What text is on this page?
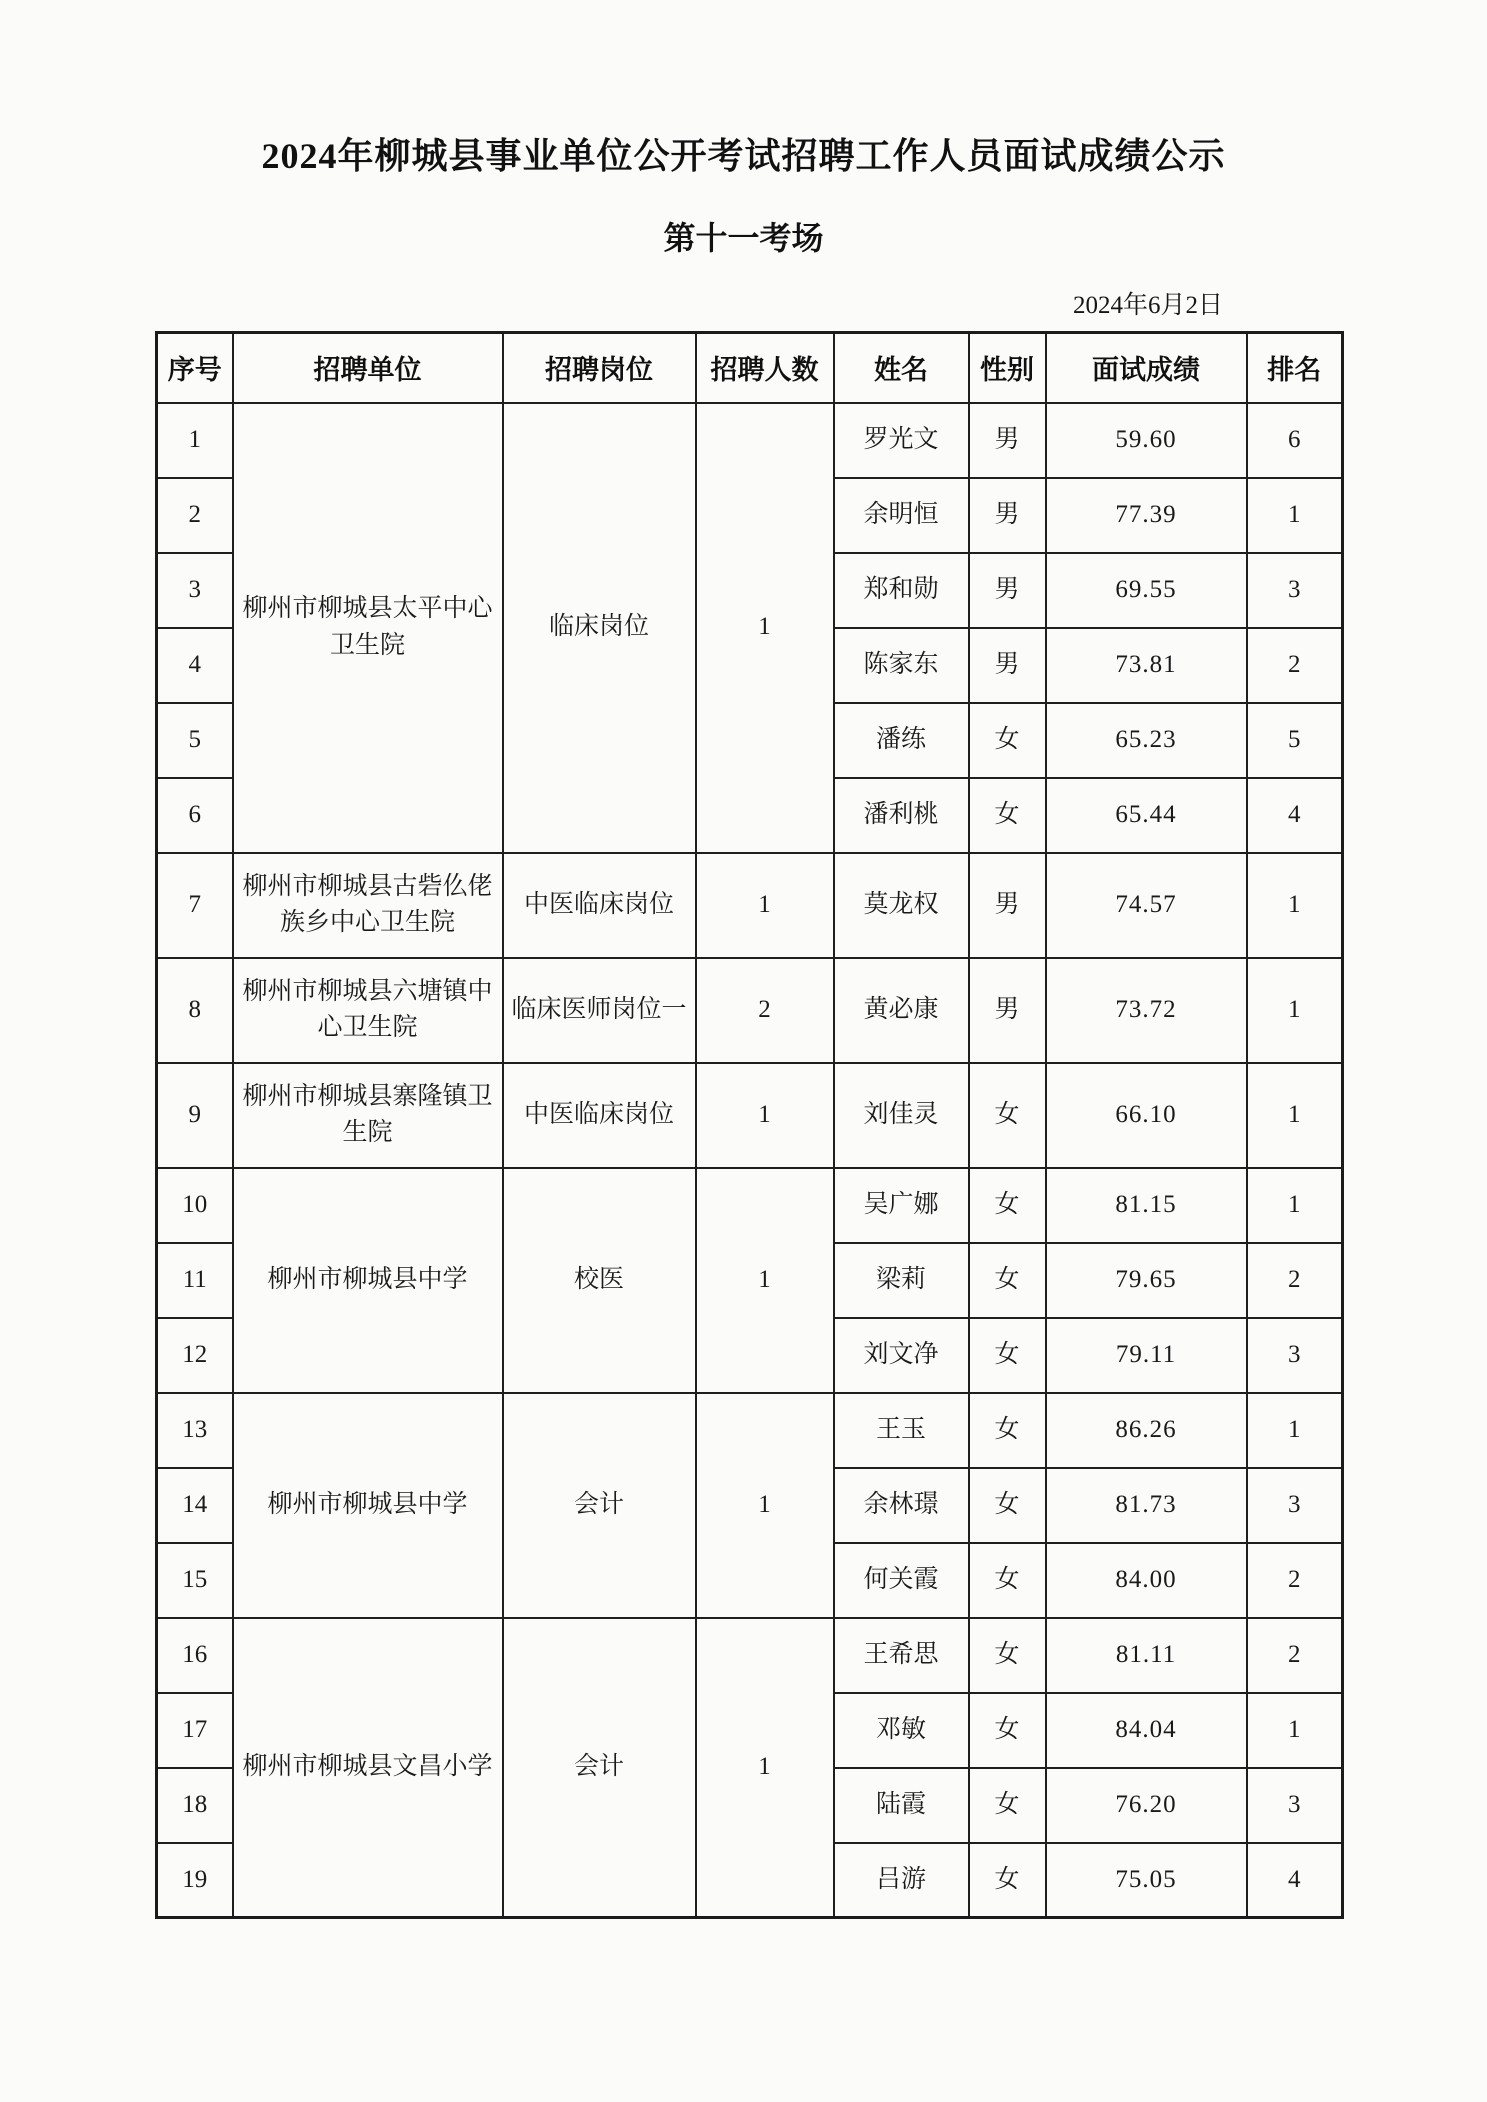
2024年柳城县事业单位公开考试招聘工作人员面试成绩公示
第十一考场
2024年6月2日
序号	招聘单位	招聘岗位	招聘人数	姓名	性别	面试成绩	排名
1	柳州市柳城县太平中心卫生院	临床岗位	1	罗光文	男	59.60	6
2				余明恒	男	77.39	1
3				郑和勋	男	69.55	3
4				陈家东	男	73.81	2
5				潘练	女	65.23	5
6				潘利桃	女	65.44	4
7	柳州市柳城县古砦仫佬族乡中心卫生院	中医临床岗位	1	莫龙权	男	74.57	1
8	柳州市柳城县六塘镇中心卫生院	临床医师岗位一	2	黄必康	男	73.72	1
9	柳州市柳城县寨隆镇卫生院	中医临床岗位	1	刘佳灵	女	66.10	1
10	柳州市柳城县中学	校医	1	吴广娜	女	81.15	1
11				梁莉	女	79.65	2
12				刘文净	女	79.11	3
13	柳州市柳城县中学	会计	1	王玉	女	86.26	1
14				余林璟	女	81.73	3
15				何关霞	女	84.00	2
16	柳州市柳城县文昌小学	会计	1	王希思	女	81.11	2
17				邓敏	女	84.04	1
18				陆霞	女	76.20	3
19				吕游	女	75.05	4
